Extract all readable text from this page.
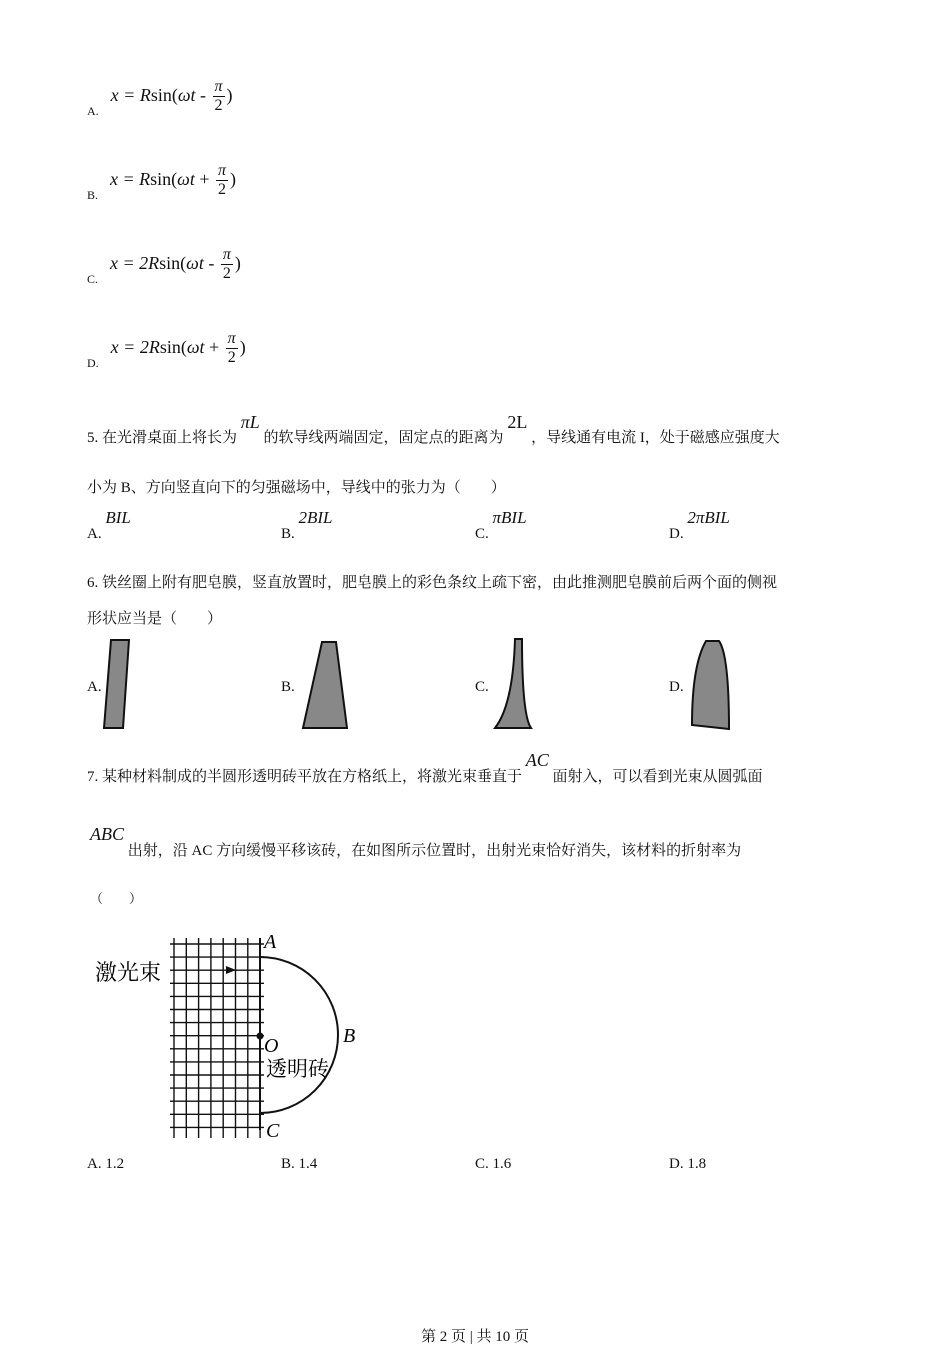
$_{A.}x = Rsin(\omega t - \frac{\pi}{2}$ )
$_{B.}x = Rsin(\omega t + \frac{\pi}{2}$ )
$_{C.}x = 2Rsin(\omega t - \frac{\pi}{2}$ )
$_{D.}x = 2Rsin(\omega t + \frac{\pi}{2}$ )
5. 在光滑桌面上将长为 πL 的软导线两端固定，固定点的距离为 2L ，导线通有电流 I，处于磁感应强度大
小为 B、方向竖直向下的匀强磁场中，导线中的张力为（　　）
A. BIL
B. 2BIL
C. πBIL
D. 2πBIL
6. 铁丝圈上附有肥皂膜，竖直放置时，肥皂膜上的彩色条纹上疏下密，由此推测肥皂膜前后两个面的侧视
形状应当是（　　）
A.	B.	C.	D.
7. 某种材料制成的半圆形透明砖平放在方格纸上，将激光束垂直于 AC 面射入，可以看到光束从圆弧面
ABC 出射，沿 AC 方向缓慢平移该砖，在如图所示位置时，出射光束恰好消失，该材料的折射率为
（　　）
激光束
透明砖
A
B
C
O
A. 1.2	B. 1.4	C. 1.6	D. 1.8
第 2 页 | 共 10 页
